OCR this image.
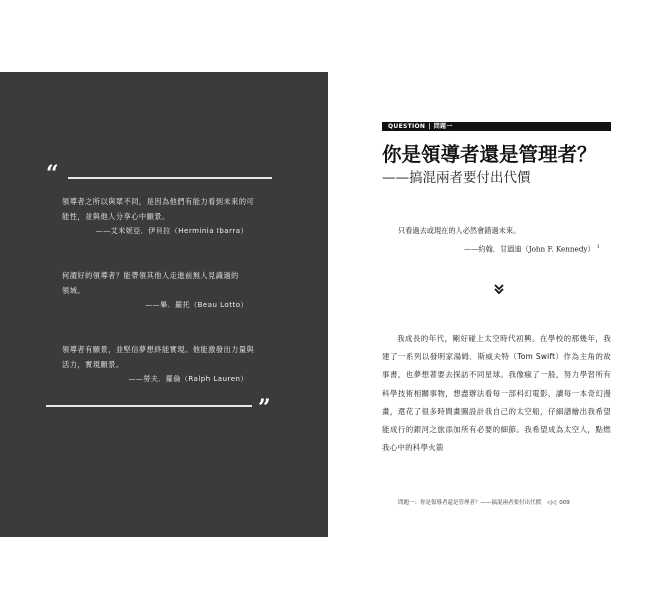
“
領導者之所以與眾不同，是因為他們有能力看到未來的可
能性，並與他人分享心中願景。
——艾米妮亞．伊貝拉（Herminia Ibarra）
何謂好的領導者？能帶領其他人走進前無人見識過的
領域。
——畢．羅托（Beau Lotto）
領導者有願景，並堅信夢想終能實現。他能激發出力量與
活力，實現願景。
——勞夫．羅倫（Ralph Lauren）
”
QUESTION | 問題一
你是領導者還是管理者？
——搞混兩者要付出代價
只看過去或現在的人必然會錯過未來。
——約翰．甘迺迪（John F. Kennedy） $^1$

我成長的年代，剛好碰上太空時代初興。在學校的那幾年，我建了一系列以發明家湯姆．斯威夫特（Tom Swift）作為主角的故事書，也夢想著要去探訪不同星球。我像瘋了一般，努力學習所有科學技術相關事物，想盡辦法看每一部科幻電影，讀每一本奇幻漫畫，還花了很多時間畫圖設計我自己的太空船，仔細譜繪出我希望能成行的銀河之旅添加所有必要的細節。我希望成為太空人，點燃我心中的科學火箭

問題一：你是領導者還是管理者？——搞混兩者要付出代價 ◁◁ 009
